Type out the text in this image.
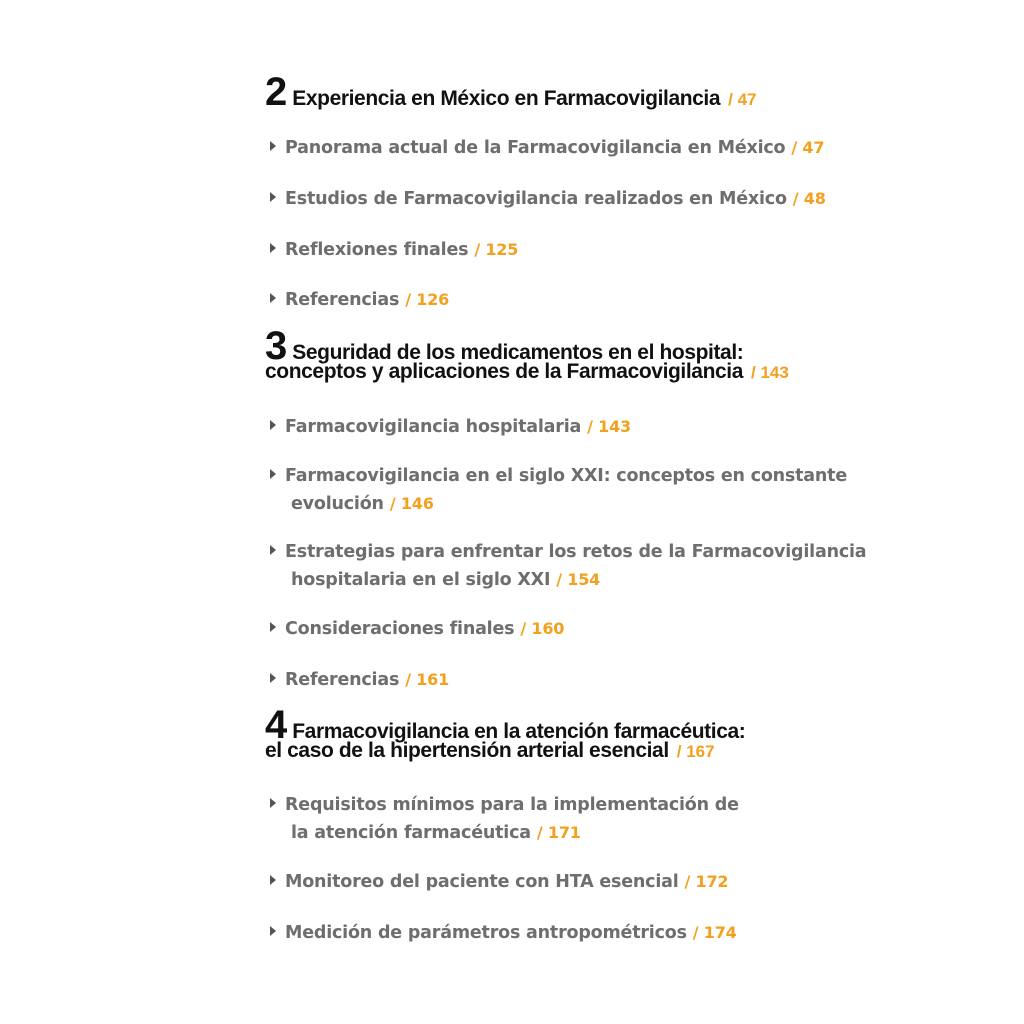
2 Experiencia en México en Farmacovigilancia / 47
Panorama actual de la Farmacovigilancia en México / 47
Estudios de Farmacovigilancia realizados en México / 48
Reflexiones finales / 125
Referencias / 126
3 Seguridad de los medicamentos en el hospital:
conceptos y aplicaciones de la Farmacovigilancia / 143
Farmacovigilancia hospitalaria / 143
Farmacovigilancia en el siglo XXI: conceptos en constante
evolución / 146
Estrategias para enfrentar los retos de la Farmacovigilancia
hospitalaria en el siglo XXI / 154
Consideraciones finales / 160
Referencias / 161
4 Farmacovigilancia en la atención farmacéutica:
el caso de la hipertensión arterial esencial / 167
Requisitos mínimos para la implementación de
la atención farmacéutica / 171
Monitoreo del paciente con HTA esencial / 172
Medición de parámetros antropométricos / 174
